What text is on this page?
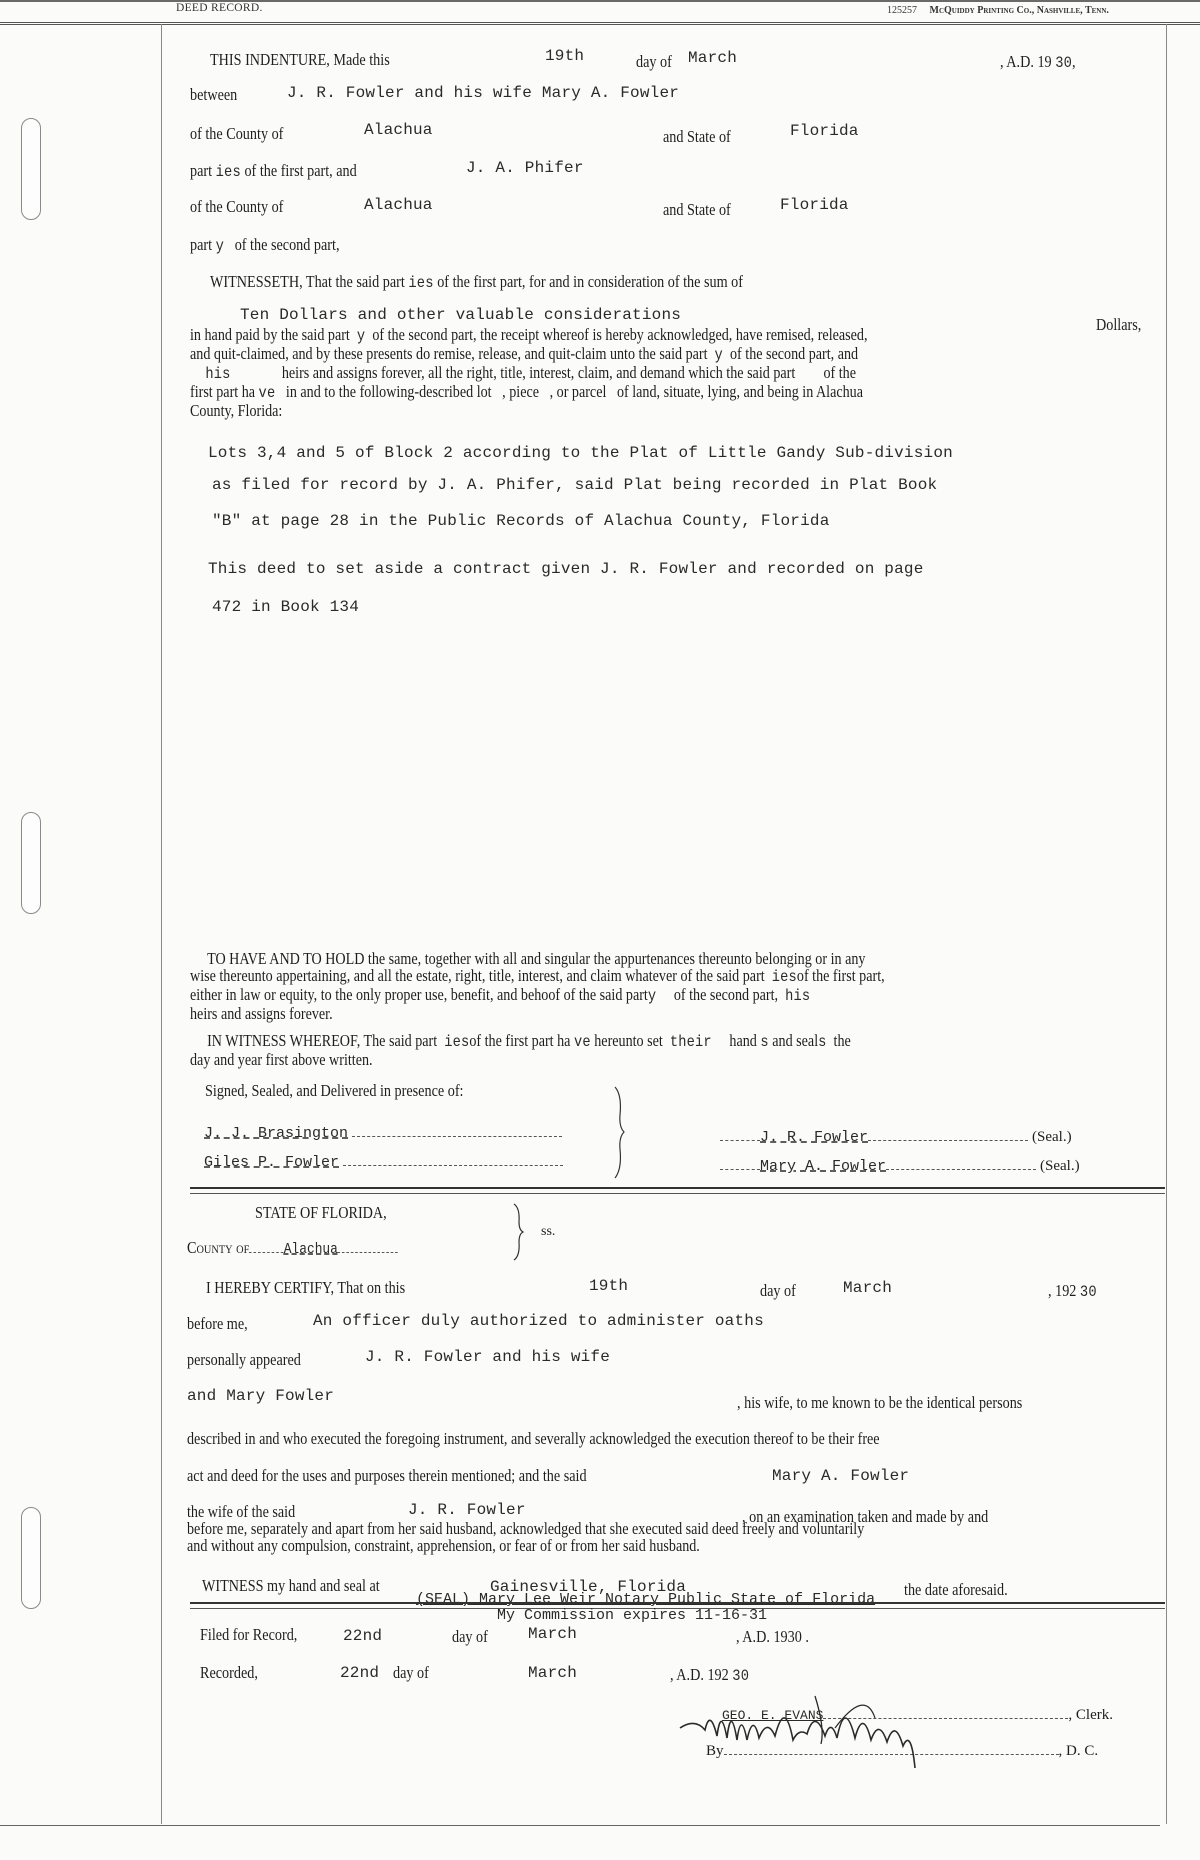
DEED RECORD.	125257 McQuiddy Printing Co., Nashville, Tenn.
THIS INDENTURE, Made this	19th	day of	March	, A.D. 19 30,
between	J. R. Fowler and his wife Mary A. Fowler
of the County of	Alachua	and State of	Florida
part ies of the first part, and	J. A. Phifer
of the County of	Alachua	and State of	Florida
part y of the second part,
WITNESSETH, That the said part ies of the first part, for and in consideration of the sum of
Ten Dollars and other valuable considerations	Dollars,
in hand paid by the said part y of the second part, the receipt whereof is hereby acknowledged, have remised, released,
and quit-claimed, and by these presents do remise, release, and quit-claim unto the said part y of the second part, and
his	heirs and assigns forever, all the right, title, interest, claim, and demand which the said part of the
first part ha ve in and to the following-described lot , piece , or parcel of land, situate, lying, and being in Alachua
County, Florida:
Lots 3,4 and 5 of Block 2 according to the Plat of Little Gandy Sub-division
as filed for record by J. A. Phifer, said Plat being recorded in Plat Book
"B" at page 28 in the Public Records of Alachua County, Florida
This deed to set aside a contract given J. R. Fowler and recorded on page
472 in Book 134
TO HAVE AND TO HOLD the same, together with all and singular the appurtenances thereunto belonging or in any
wise thereunto appertaining, and all the estate, right, title, interest, and claim whatever of the said part iesof the first part,
either in law or equity, to the only proper use, benefit, and behoof of the said party of the second part, his
heirs and assigns forever.
IN WITNESS WHEREOF, The said part iesof the first part ha ve hereunto set their hand s and seals the
day and year first above written.
Signed, Sealed, and Delivered in presence of:
J. J. Brasington
Giles P. Fowler
J. R. Fowler	(Seal.)
Mary A. Fowler	(Seal.)
STATE OF FLORIDA,
County of Alachua
ss.
I HEREBY CERTIFY, That on this	19th	day of	March	, 192 30
before me,	An officer duly authorized to administer oaths
personally appeared	J. R. Fowler and his wife
and Mary Fowler	, his wife, to me known to be the identical persons
described in and who executed the foregoing instrument, and severally acknowledged the execution thereof to be their free
act and deed for the uses and purposes therein mentioned; and the said	Mary A. Fowler
the wife of the said
before me, separately and apart from her said husband, acknowledged that she executed said deed freely and voluntarily
and without any compulsion, constraint, apprehension, or fear of or from her said husband.
J. R. Fowler	, on an examination taken and made by and
WITNESS my hand and seal at	Gainesville, Florida	the date aforesaid.
(SEAL) Mary Lee Weir Notary Public State of Florida
My Commission expires 11-16-31
Filed for Record,	22nd	day of	March	, A.D. 1930 .
Recorded,	22nd day of	March	, A.D. 192 30
GEO. E. EVANS	, Clerk.
By	, D. C.
